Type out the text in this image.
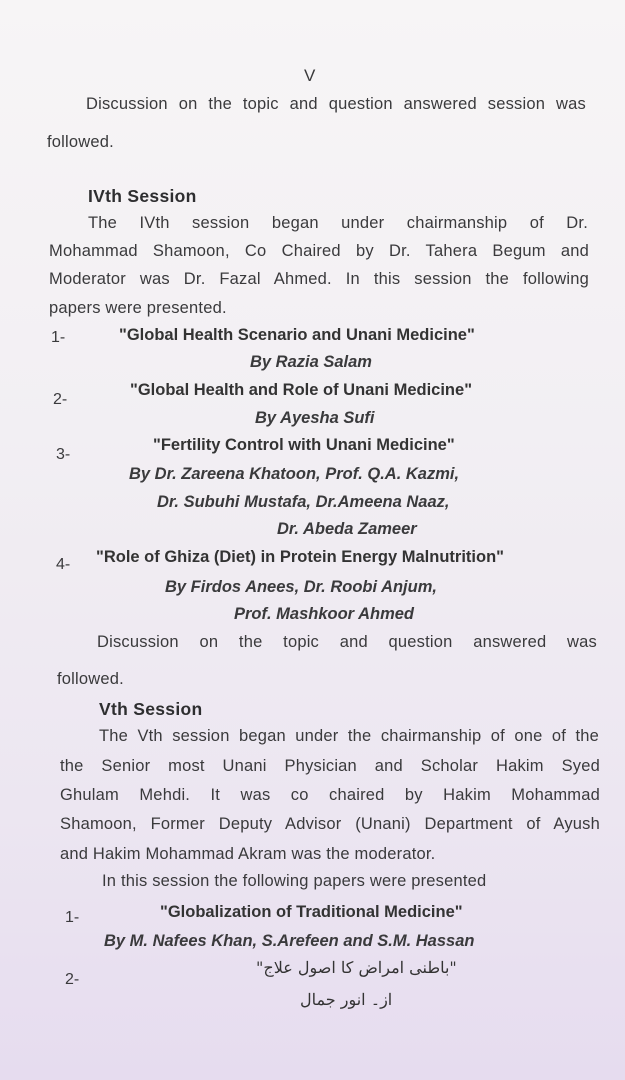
V
Discussion on the topic and question answered session was
followed.
IVth Session
The IVth session began under chairmanship of Dr.
Mohammad Shamoon, Co Chaired by Dr. Tahera Begum and
Moderator was Dr. Fazal Ahmed. In this session the following
papers were presented.
1-	"Global Health Scenario and Unani Medicine"
By Razia Salam
2-
"Global Health and Role of Unani Medicine"
By Ayesha Sufi
3-
"Fertility Control with Unani Medicine"
By Dr. Zareena Khatoon, Prof. Q.A. Kazmi,
Dr. Subuhi Mustafa, Dr.Ameena Naaz,
Dr. Abeda Zameer
4- "Role of Ghiza (Diet) in Protein Energy Malnutrition"
By Firdos Anees, Dr. Roobi Anjum,
Prof. Mashkoor Ahmed
Discussion on the topic and question answered was
followed.
Vth Session
The Vth session began under the chairmanship of one of the
the Senior most Unani Physician and Scholar Hakim Syed
Ghulam Mehdi. It was co chaired by Hakim Mohammad
Shamoon, Former Deputy Advisor (Unani) Department of Ayush
and Hakim Mohammad Akram was the moderator.
In this session the following papers were presented
1-	"Globalization of Traditional Medicine"
By M. Nafees Khan, S.Arefeen and S.M. Hassan
2-
"باطنی امراض کا اصول علاج"
از۔ انور جمال
